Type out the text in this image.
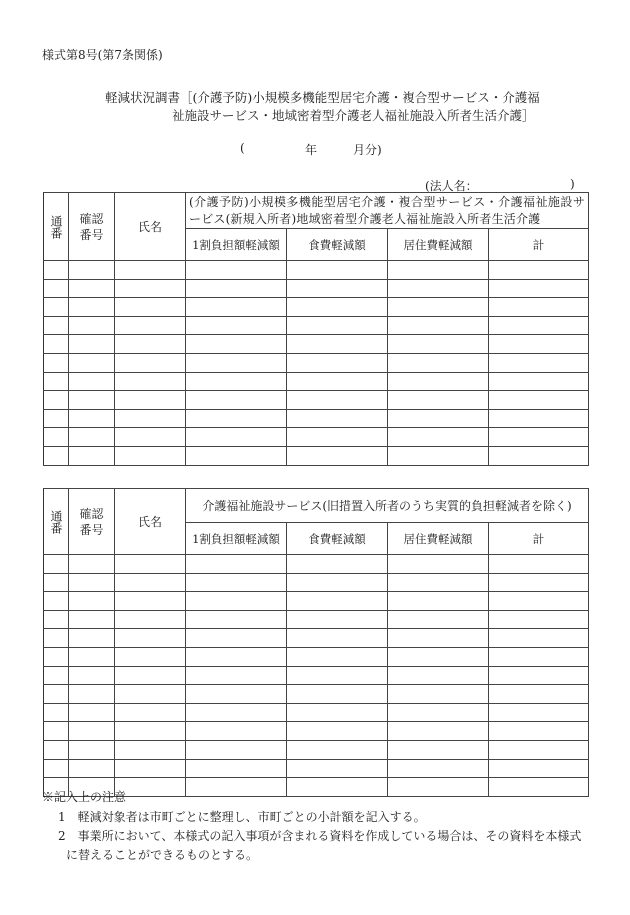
様式第8号(第7条関係)
軽減状況調書［(介護予防)小規模多機能型居宅介護・複合型サービス・介護福
祉施設サービス・地域密着型介護老人福祉施設入所者生活介護］
(	年	月分)
(法人名：	)
通番	確認番号	氏名	(介護予防)小規模多機能型居宅介護・複合型サービス・介護福祉施設サービス(新規入所者)地域密着型介護老人福祉施設入所者生活介護			

			1割負担額軽減額	食費軽減額	居住費軽減額	計

通番	確認番号	氏名	介護福祉施設サービス(旧措置入所者のうち実質的負担軽減者を除く)			
			1割負担額軽減額	食費軽減額	居住費軽減額	計

※記入上の注意
1　軽減対象者は市町ごとに整理し、市町ごとの小計額を記入する。
2　事業所において、本様式の記入事項が含まれる資料を作成している場合は、その資料を本様式
に替えることができるものとする。
